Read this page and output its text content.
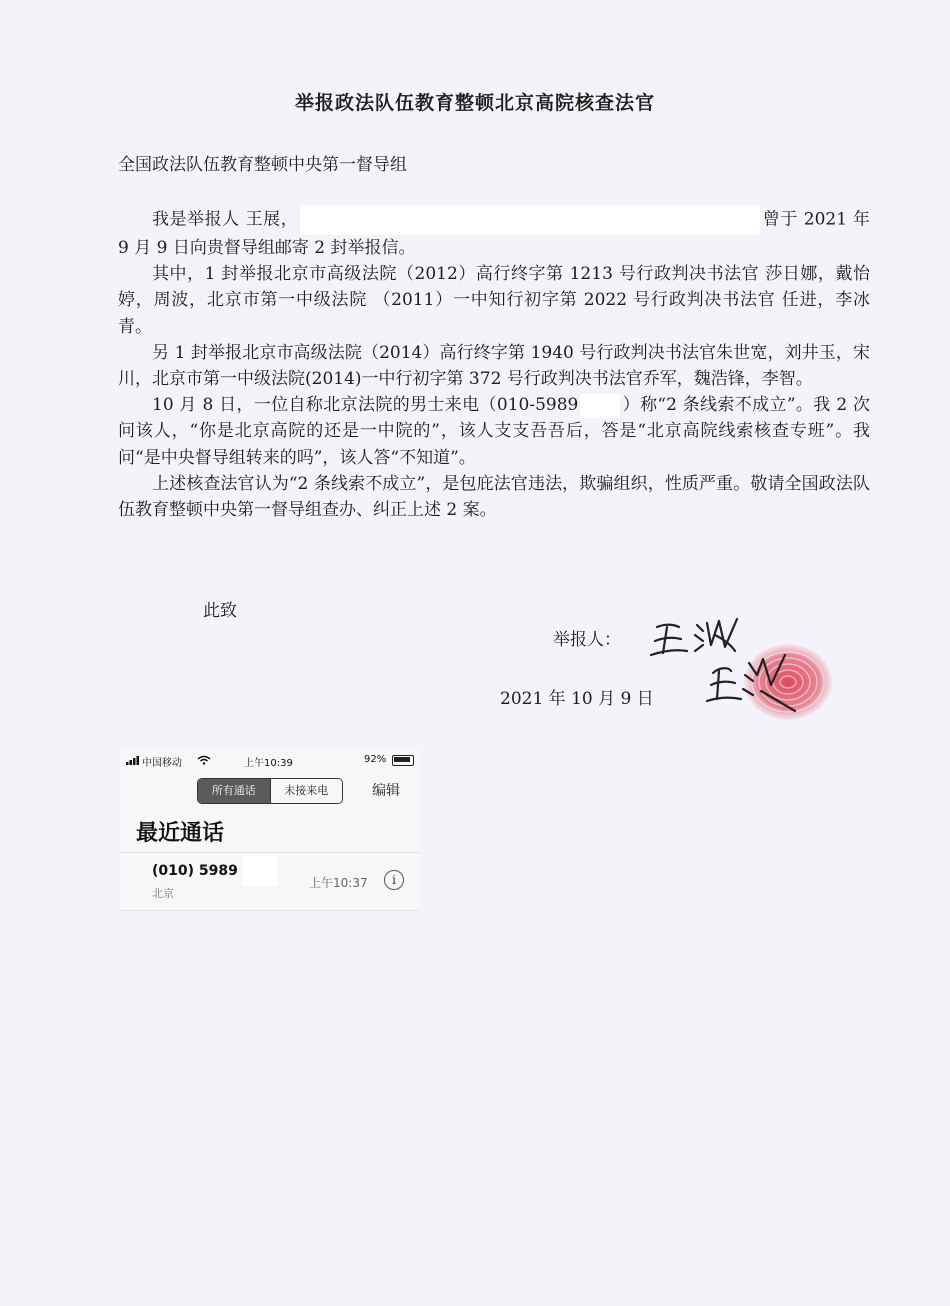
举报政法队伍教育整顿北京高院核查法官
全国政法队伍教育整顿中央第一督导组

我是举报人 王展，	曾于 2021 年 9 月 9 日向贵督导组邮寄 2 封举报信。

其中，1 封举报北京市高级法院（2012）高行终字第 1213 号行政判决书法官 莎日娜，戴怡婷，周波，北京市第一中级法院 （2011）一中知行初字第 2022 号行政判决书法官 任进，李冰青。

另 1 封举报北京市高级法院（2014）高行终字第 1940 号行政判决书法官朱世宽，刘井玉，宋川，北京市第一中级法院(2014)一中行初字第 372 号行政判决书法官乔军，魏浩锋，李智。

10 月 8 日，一位自称北京法院的男士来电（010-5989	）称“2 条线索不成立”。我 2 次问该人，“你是北京高院的还是一中院的”，该人支支吾吾后，答是“北京高院线索核查专班”。我问“是中央督导组转来的吗”，该人答“不知道”。

上述核查法官认为“2 条线索不成立”，是包庇法官违法，欺骗组织，性质严重。敬请全国政法队伍教育整顿中央第一督导组查办、纠正上述 2 案。

此致
举报人：
2021 年 10 月 9 日
中国移动	上午10:39	92%
所有通话	未接来电	编辑
最近通话
(010) 5989
北京
上午10:37	i
